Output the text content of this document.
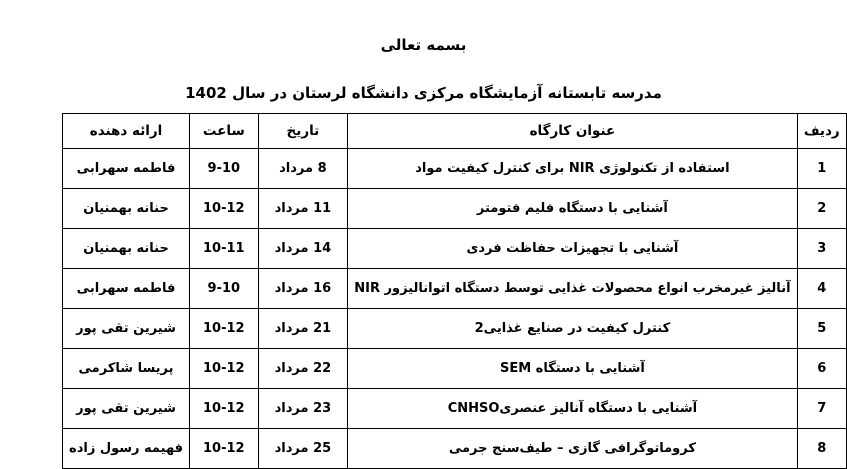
بسمه تعالی
مدرسه تابستانه آزمایشگاه مرکزی دانشگاه لرستان در سال 1402
ردیف	عنوان کارگاه	تاریخ	ساعت	ارائه دهنده
1	استفاده از تکنولوژی NIR برای کنترل کیفیت مواد	8 مرداد	9-10	فاطمه سهرابی
2	آشنایی با دستگاه فلیم فتومتر	11 مرداد	10-12	حنانه بهمنیان
3	آشنایی با تجهیزات حفاظت فردی	14 مرداد	10-11	حنانه بهمنیان
4	آنالیز غیرمخرب انواع محصولات غذایی توسط دستگاه اتوانالیزور NIR	16 مرداد	9-10	فاطمه سهرابی
5	کنترل کیفیت در صنایع غذایی2	21 مرداد	10-12	شیرین تقی پور
6	آشنایی با دستگاه SEM	22 مرداد	10-12	پریسا شاکرمی
7	آشنایی با دستگاه آنالیز عنصریCNHSO	23 مرداد	10-12	شیرین تقی پور
8	کروماتوگرافی گازی – طیف‌سنج جرمی	25 مرداد	10-12	فهیمه رسول زاده
